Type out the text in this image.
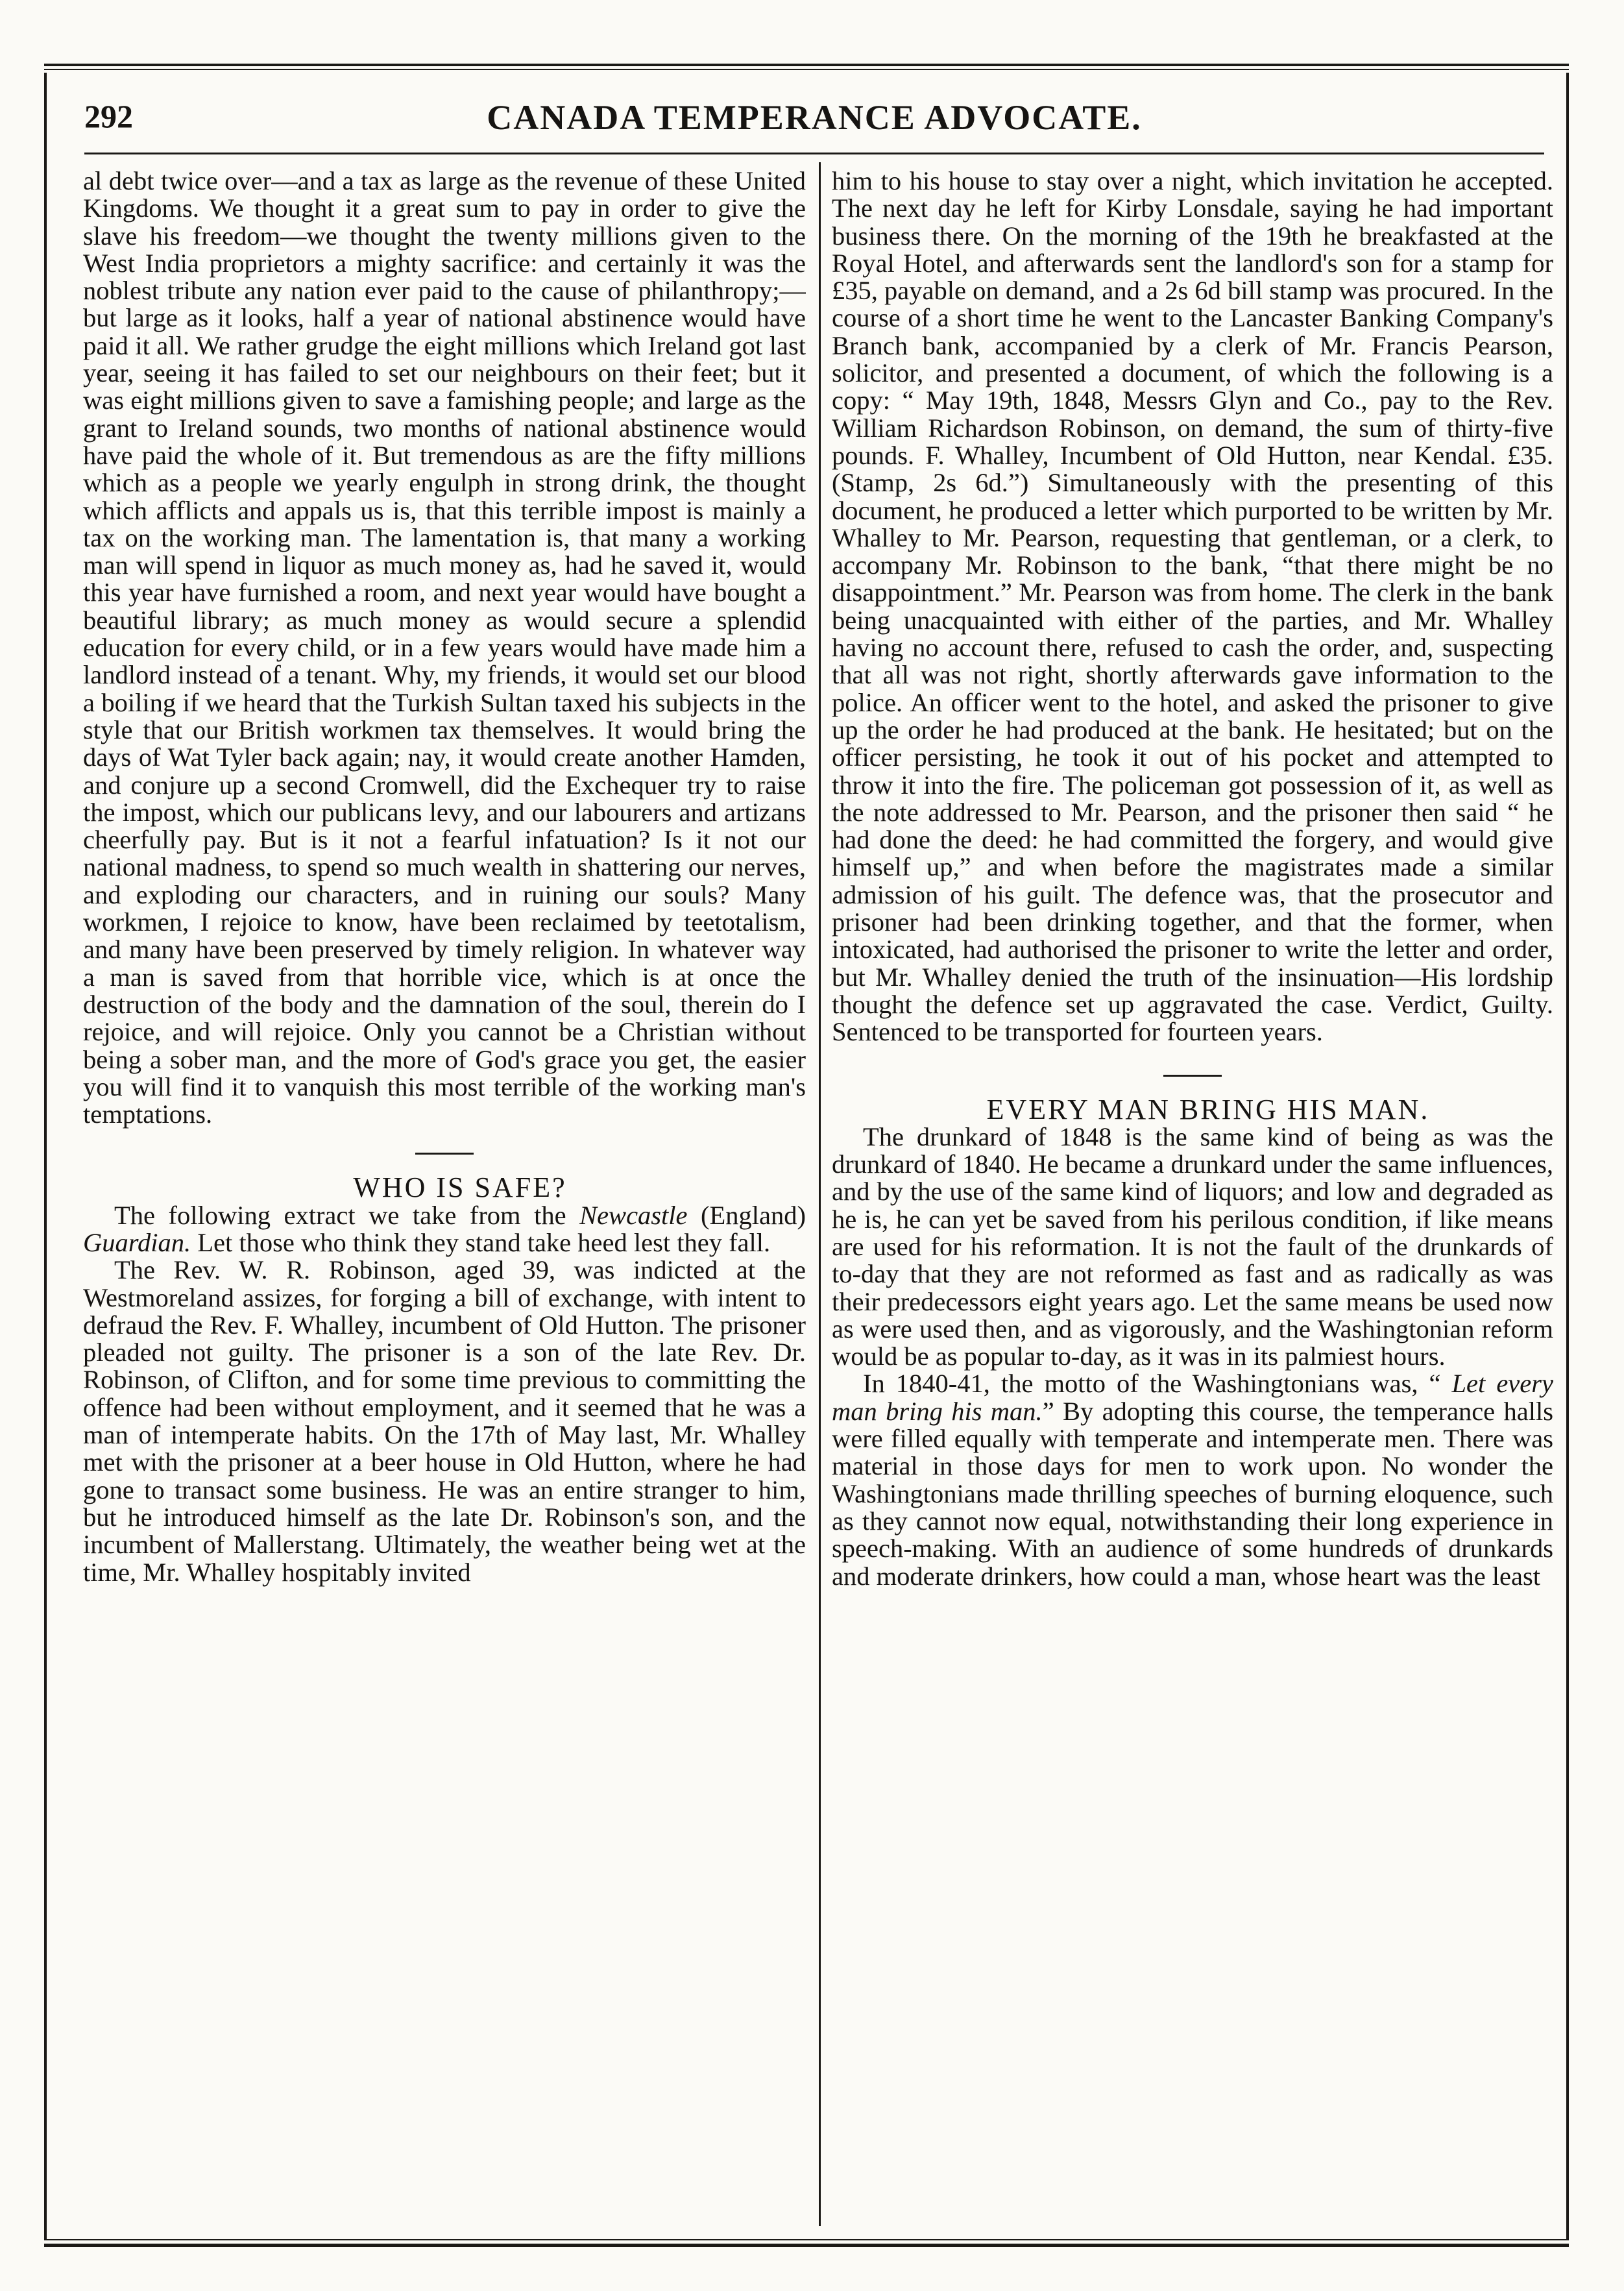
292	CANADA TEMPERANCE ADVOCATE.

al debt twice over—and a tax as large as the revenue of these United Kingdoms. We thought it a great sum to pay in order to give the slave his freedom—we thought the twenty millions given to the West India proprietors a mighty sacrifice: and certainly it was the noblest tribute any nation ever paid to the cause of philanthropy;—but large as it looks, half a year of national abstinence would have paid it all. We rather grudge the eight millions which Ireland got last year, seeing it has failed to set our neighbours on their feet; but it was eight millions given to save a famishing people; and large as the grant to Ireland sounds, two months of national abstinence would have paid the whole of it. But tremendous as are the fifty millions which as a people we yearly engulph in strong drink, the thought which afflicts and appals us is, that this terrible impost is mainly a tax on the working man. The lamentation is, that many a working man will spend in liquor as much money as, had he saved it, would this year have furnished a room, and next year would have bought a beautiful library; as much money as would secure a splendid education for every child, or in a few years would have made him a landlord instead of a tenant. Why, my friends, it would set our blood a boiling if we heard that the Turkish Sultan taxed his subjects in the style that our British workmen tax themselves. It would bring the days of Wat Tyler back again; nay, it would create another Hamden, and conjure up a second Cromwell, did the Exchequer try to raise the impost, which our publicans levy, and our labourers and artizans cheerfully pay. But is it not a fearful infatuation? Is it not our national madness, to spend so much wealth in shattering our nerves, and exploding our characters, and in ruining our souls? Many workmen, I rejoice to know, have been reclaimed by teetotalism, and many have been preserved by timely religion. In whatever way a man is saved from that horrible vice, which is at once the destruction of the body and the damnation of the soul, therein do I rejoice, and will rejoice. Only you cannot be a Christian without being a sober man, and the more of God's grace you get, the easier you will find it to vanquish this most terrible of the working man's temptations.

WHO IS SAFE?

The following extract we take from the Newcastle (England) Guardian. Let those who think they stand take heed lest they fall.

The Rev. W. R. Robinson, aged 39, was indicted at the Westmoreland assizes, for forging a bill of exchange, with intent to defraud the Rev. F. Whalley, incumbent of Old Hutton. The prisoner pleaded not guilty. The prisoner is a son of the late Rev. Dr. Robinson, of Clifton, and for some time previous to committing the offence had been without employment, and it seemed that he was a man of intemperate habits. On the 17th of May last, Mr. Whalley met with the prisoner at a beer house in Old Hutton, where he had gone to transact some business. He was an entire stranger to him, but he introduced himself as the late Dr. Robinson's son, and the incumbent of Mallerstang. Ultimately, the weather being wet at the time, Mr. Whalley hospitably invited

him to his house to stay over a night, which invitation he accepted. The next day he left for Kirby Lonsdale, saying he had important business there. On the morning of the 19th he breakfasted at the Royal Hotel, and afterwards sent the landlord's son for a stamp for £35, payable on demand, and a 2s 6d bill stamp was procured. In the course of a short time he went to the Lancaster Banking Company's Branch bank, accompanied by a clerk of Mr. Francis Pearson, solicitor, and presented a document, of which the following is a copy: “ May 19th, 1848, Messrs Glyn and Co., pay to the Rev. William Richardson Robinson, on demand, the sum of thirty-five pounds. F. Whalley, Incumbent of Old Hutton, near Kendal. £35. (Stamp, 2s 6d.”) Simultaneously with the presenting of this document, he produced a letter which purported to be written by Mr. Whalley to Mr. Pearson, requesting that gentleman, or a clerk, to accompany Mr. Robinson to the bank, “that there might be no disappointment.” Mr. Pearson was from home. The clerk in the bank being unacquainted with either of the parties, and Mr. Whalley having no account there, refused to cash the order, and, suspecting that all was not right, shortly afterwards gave information to the police. An officer went to the hotel, and asked the prisoner to give up the order he had produced at the bank. He hesitated; but on the officer persisting, he took it out of his pocket and attempted to throw it into the fire. The policeman got possession of it, as well as the note addressed to Mr. Pearson, and the prisoner then said “ he had done the deed: he had committed the forgery, and would give himself up,” and when before the magistrates made a similar admission of his guilt. The defence was, that the prosecutor and prisoner had been drinking together, and that the former, when intoxicated, had authorised the prisoner to write the letter and order, but Mr. Whalley denied the truth of the insinuation—His lordship thought the defence set up aggravated the case. Verdict, Guilty. Sentenced to be transported for fourteen years.

EVERY MAN BRING HIS MAN.

The drunkard of 1848 is the same kind of being as was the drunkard of 1840. He became a drunkard under the same influences, and by the use of the same kind of liquors; and low and degraded as he is, he can yet be saved from his perilous condition, if like means are used for his reformation. It is not the fault of the drunkards of to-day that they are not reformed as fast and as radically as was their predecessors eight years ago. Let the same means be used now as were used then, and as vigorously, and the Washingtonian reform would be as popular to-day, as it was in its palmiest hours.

In 1840-41, the motto of the Washingtonians was, “ Let every man bring his man.” By adopting this course, the temperance halls were filled equally with temperate and intemperate men. There was material in those days for men to work upon. No wonder the Washingtonians made thrilling speeches of burning eloquence, such as they cannot now equal, notwithstanding their long experience in speech-making. With an audience of some hundreds of drunkards and moderate drinkers, how could a man, whose heart was the least
